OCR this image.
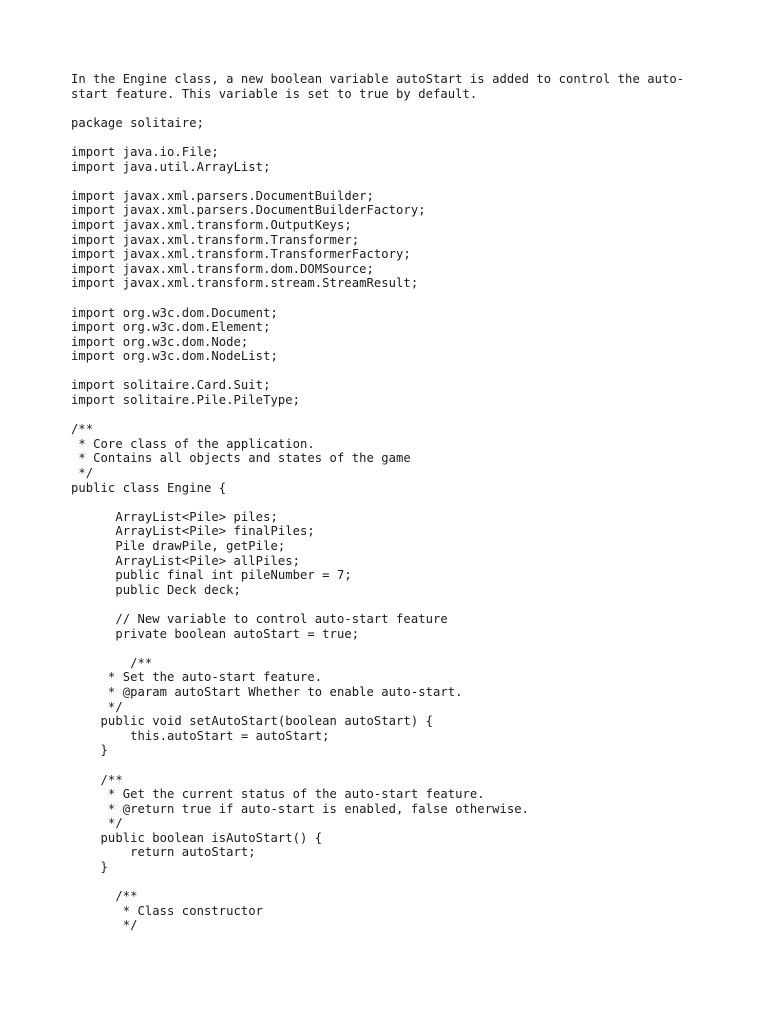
In the Engine class, a new boolean variable autoStart is added to control the auto-
start feature. This variable is set to true by default.
package solitaire;
import java.io.File;
import java.util.ArrayList;
import javax.xml.parsers.DocumentBuilder;
import javax.xml.parsers.DocumentBuilderFactory;
import javax.xml.transform.OutputKeys;
import javax.xml.transform.Transformer;
import javax.xml.transform.TransformerFactory;
import javax.xml.transform.dom.DOMSource;
import javax.xml.transform.stream.StreamResult;
import org.w3c.dom.Document;
import org.w3c.dom.Element;
import org.w3c.dom.Node;
import org.w3c.dom.NodeList;
import solitaire.Card.Suit;
import solitaire.Pile.PileType;
/**
* Core class of the application.
* Contains all objects and states of the game
*/
public class Engine {
ArrayList<Pile> piles;
ArrayList<Pile> finalPiles;
Pile drawPile, getPile;
ArrayList<Pile> allPiles;
public final int pileNumber = 7;
public Deck deck;
// New variable to control auto-start feature
private boolean autoStart = true;
/**
* Set the auto-start feature.
* @param autoStart Whether to enable auto-start.
*/
public void setAutoStart(boolean autoStart) {
this.autoStart = autoStart;
}
/**
* Get the current status of the auto-start feature.
* @return true if auto-start is enabled, false otherwise.
*/
public boolean isAutoStart() {
return autoStart;
}
/**
* Class constructor
*/
